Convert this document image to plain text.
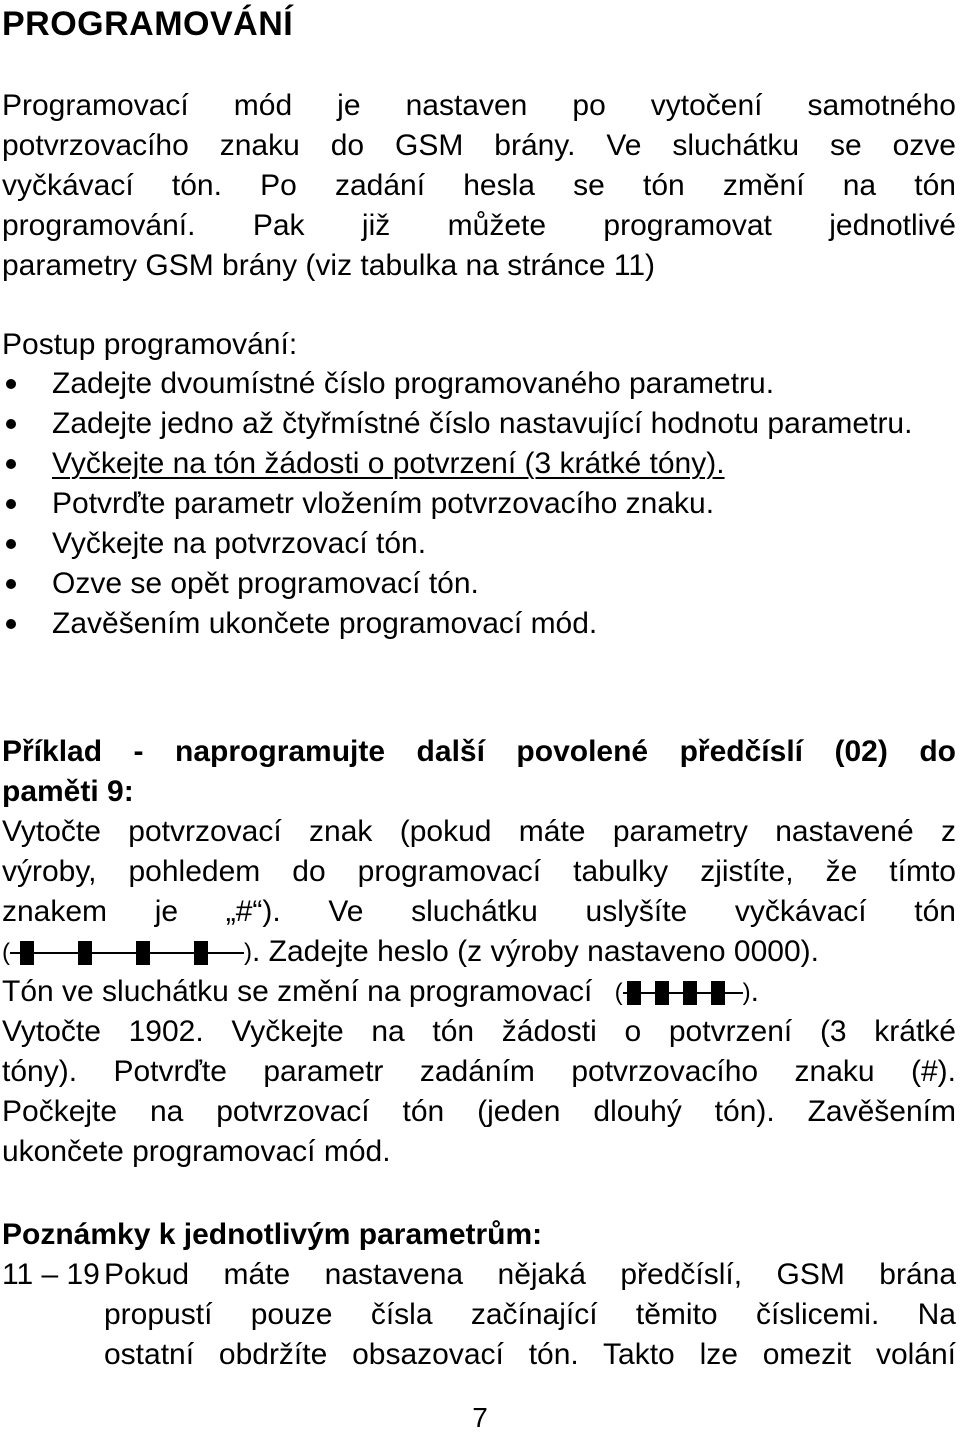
PROGRAMOVÁNÍ
Programovací mód je nastaven po vytočení samotného
potvrzovacího znaku do GSM brány. Ve sluchátku se ozve
vyčkávací tón. Po zadání hesla se tón změní na tón
programování. Pak již můžete programovat jednotlivé
parametry GSM brány (viz tabulka na stránce 11)

Postup programování:

Zadejte dvoumístné číslo programovaného parametru.
Zadejte jedno až čtyřmístné číslo nastavující hodnotu parametru.
Vyčkejte na tón žádosti o potvrzení (3 krátké tóny).
Potvrďte parametr vložením potvrzovacího znaku.
Vyčkejte na potvrzovací tón.
Ozve se opět programovací tón.
Zavěšením ukončete programovací mód.
Příklad - naprogramujte další povolené předčíslí (02) do
paměti 9:
Vytočte potvrzovací znak (pokud máte parametry nastavené z
výroby, pohledem do programovací tabulky zjistíte, že tímto
znakem je „#“). Ve sluchátku uslyšíte vyčkávací tón
(	) . Zadejte heslo (z výroby nastaveno 0000).
Tón ve sluchátku se změní na programovací (	) .
Vytočte 1902. Vyčkejte na tón žádosti o potvrzení (3 krátké
tóny). Potvrďte parametr zadáním potvrzovacího znaku (#).
Počkejte na potvrzovací tón (jeden dlouhý tón). Zavěšením
ukončete programovací mód.
Poznámky k jednotlivým parametrům:
11 – 19 Pokud máte nastavena nějaká předčíslí, GSM brána
propustí pouze čísla začínající těmito číslicemi. Na
ostatní obdržíte obsazovací tón. Takto lze omezit volání
7
